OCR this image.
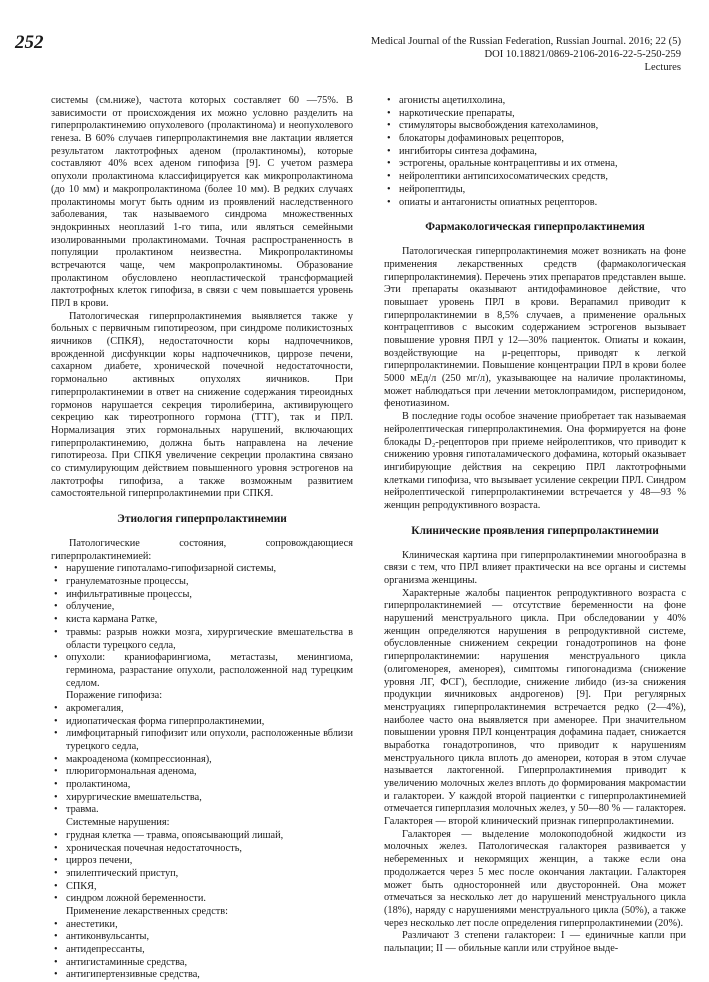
252	Medical Journal of the Russian Federation, Russian Journal. 2016; 22 (5)
DOI 10.18821/0869-2106-2016-22-5-250-259
Lectures

системы (см.ниже), частота которых составляет 60 —75%. В зависимости от происхождения их можно условно разделить на гиперпролактинемию опухолевого (пролактинома) и неопухолевого генеза. В 60% случаев гиперпролактинемия вне лактации является результатом лактотрофных аденом (пролактиномы), которые составляют 40% всех аденом гипофиза [9]. С учетом размера опухоли пролактинома классифицируется как микропролактинома (до 10 мм) и макропролактинома (более 10 мм). В редких случаях пролактиномы могут быть одним из проявлений наследственного заболевания, так называемого синдрома множественных эндокринных неоплазий 1-го типа, или являться семейными изолированными пролактиномами. Точная распространенность в популяции пролактином неизвестна. Микропролактиномы встречаются чаще, чем макропролактиномы. Образование пролактином обусловлено неопластической трансформацией лактотрофных клеток гипофиза, в связи с чем повышается уровень ПРЛ в крови.

Патологическая гиперпролактинемия выявляется также у больных с первичным гипотиреозом, при синдроме поликистозных яичников (СПКЯ), недостаточности коры надпочечников, врожденной дисфункции коры надпочечников, циррозе печени, сахарном диабете, хронической почечной недостаточности, гормонально активных опухолях яичников. При гиперпролактинемии в ответ на снижение содержания тиреоидных гормонов нарушается секреция тиролиберина, активирующего секрецию как тиреотропного гормона (ТТГ), так и ПРЛ. Нормализация этих гормональных нарушений, включающих гиперпролактинемию, должна быть направлена на лечение гипотиреоза. При СПКЯ увеличение секреции пролактина связано со стимулирующим действием повышенного уровня эстрогенов на лактотрофы гипофиза, а также возможным развитием самостоятельной гиперпролактинемии при СПКЯ.

Этиология гиперпролактинемии

Патологические состояния, сопровождающиеся гиперпролактинемией:

• нарушение гипоталамо-гипофизарной системы,
• гранулематозные процессы,
• инфильтративные процессы,
• облучение,
• киста кармана Ратке,
• травмы: разрыв ножки мозга, хирургические вмешательства в области турецкого седла,
• опухоли: краниофарингиома, метастазы, менингиома, герминома, разрастание опухоли, расположенной над турецким седлом.

Поражение гипофиза:

• акромегалия,
• идиопатическая форма гиперпролактинемии,
• лимфоцитарный гипофизит или опухоли, расположенные вблизи турецкого седла,
• макроаденома (компрессионная),
• плюригормональная аденома,
• пролактинома,
• хирургические вмешательства,
• травма.

Системные нарушения:

• грудная клетка — травма, опоясывающий лишай,
• хроническая почечная недостаточность,
• цирроз печени,
• эпилептический приступ,
• СПКЯ,
• синдром ложной беременности.

Применение лекарственных средств:

• анестетики,
• антиконвульсанты,
• антидепрессанты,
• антигистаминные средства,
• антигипертензивные средства,
• агонисты ацетилхолина,
• наркотические препараты,
• стимуляторы высвобождения катехоламинов,
• блокаторы дофаминовых рецепторов,
• ингибиторы синтеза дофамина,
• эстрогены, оральные контрацептивы и их отмена,
• нейролептики антипсихосоматических средств,
• нейропептиды,
• опиаты и антагонисты опиатных рецепторов.
Фармакологическая гиперпролактинемия

Патологическая гиперпролактинемия может возникать на фоне применения лекарственных средств (фармакологическая гиперпролактинемия). Перечень этих препаратов представлен выше. Эти препараты оказывают антидофаминовое действие, что повышает уровень ПРЛ в крови. Верапамил приводит к гиперпролактинемии в 8,5% случаев, а применение оральных контрацептивов с высоким содержанием эстрогенов вызывает повышение уровня ПРЛ у 12—30% пациенток. Опиаты и кокаин, воздействующие на μ-рецепторы, приводят к легкой гиперпролактинемии. Повышение концентрации ПРЛ в крови более 5000 мЕд/л (250 мг/л), указывающее на наличие пролактиномы, может наблюдаться при лечении метоклопрамидом, рисперидоном, фенотиазином.

В последние годы особое значение приобретает так называемая нейролептическая гиперпролактинемия. Она формируется на фоне блокады D₂-рецепторов при приеме нейролептиков, что приводит к снижению уровня гипоталамического дофамина, который оказывает ингибирующие действия на секрецию ПРЛ лактотрофными клетками гипофиза, что вызывает усиление секреции ПРЛ. Синдром нейролептической гиперпролактинемии встречается у 48—93 % женщин репродуктивного возраста.

Клинические проявления гиперпролактинемии

Клиническая картина при гиперпролактинемии многообразна в связи с тем, что ПРЛ влияет практически на все органы и системы организма женщины.

Характерные жалобы пациенток репродуктивного возраста с гиперпролактинемией — отсутствие беременности на фоне нарушений менструального цикла. При обследовании у 40% женщин определяются нарушения в репродуктивной системе, обусловленные снижением секреции гонадотропинов на фоне гиперпролактинемии: нарушения менструального цикла (олигоменорея, аменорея), симптомы гипогонадизма (снижение уровня ЛГ, ФСГ), бесплодие, снижение либидо (из-за снижения продукции яичниковых андрогенов) [9]. При регулярных менструациях гиперпролактинемия встречается редко (2—4%), наиболее часто она выявляется при аменорее. При значительном повышении уровня ПРЛ концентрация дофамина падает, снижается выработка гонадотропинов, что приводит к нарушениям менструального цикла вплоть до аменореи, которая в этом случае называется лактогенной. Гиперпролактинемия приводит к увеличению молочных желез вплоть до формирования макромастии и галактореи. У каждой второй пациентки с гиперпролактинемией отмечается гиперплазия молочных желез, у 50—80 % — галакторея. Галакторея — второй клинический признак гиперпролактинемии.

Галакторея — выделение молокоподобной жидкости из молочных желез. Патологическая галакторея развивается у небеременных и некормящих женщин, а также если она продолжается через 5 мес после окончания лактации. Галакторея может быть односторонней или двусторонней. Она может отмечаться за несколько лет до нарушений менструального цикла (18%), наряду с нарушениями менструального цикла (50%), а также через несколько лет после определения гиперпролактинемии (20%).

Различают 3 степени галактореи: I — единичные капли при пальпации; II — обильные капли или струйное выде-
